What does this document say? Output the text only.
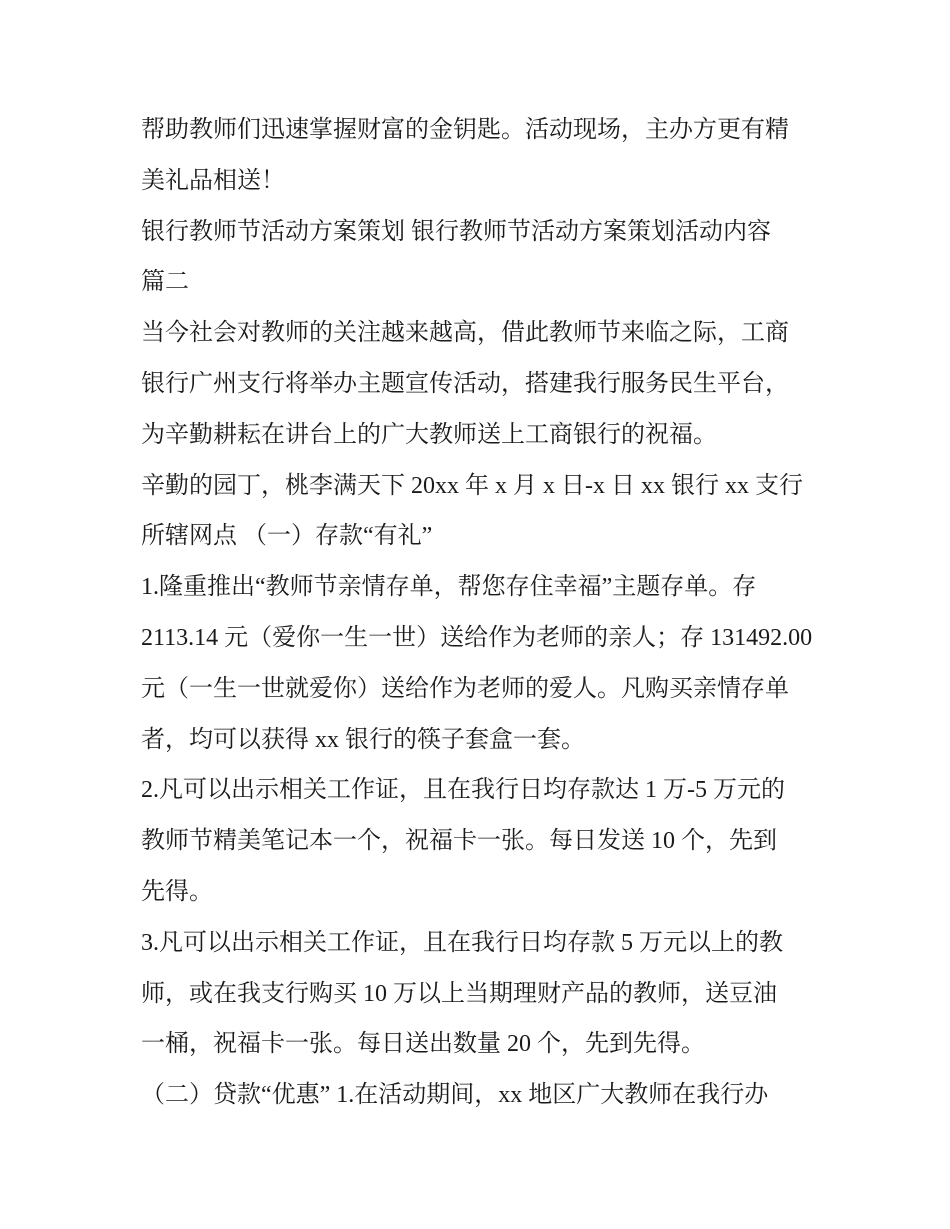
帮助教师们迅速掌握财富的金钥匙。活动现场，主办方更有精
美礼品相送！
银行教师节活动方案策划 银行教师节活动方案策划活动内容
篇二
当今社会对教师的关注越来越高，借此教师节来临之际，工商
银行广州支行将举办主题宣传活动，搭建我行服务民生平台，
为辛勤耕耘在讲台上的广大教师送上工商银行的祝福。
辛勤的园丁，桃李满天下 20xx 年 x 月 x 日-x 日 xx 银行 xx 支行
所辖网点 （一）存款“有礼”
1.隆重推出“教师节亲情存单，帮您存住幸福”主题存单。存
2113.14 元（爱你一生一世）送给作为老师的亲人；存 131492.00
元（一生一世就爱你）送给作为老师的爱人。凡购买亲情存单
者，均可以获得 xx 银行的筷子套盒一套。
2.凡可以出示相关工作证，且在我行日均存款达 1 万-5 万元的
教师节精美笔记本一个，祝福卡一张。每日发送 10 个，先到
先得。
3.凡可以出示相关工作证，且在我行日均存款 5 万元以上的教
师，或在我支行购买 10 万以上当期理财产品的教师，送豆油
一桶，祝福卡一张。每日送出数量 20 个，先到先得。
（二）贷款“优惠” 1.在活动期间，xx 地区广大教师在我行办
